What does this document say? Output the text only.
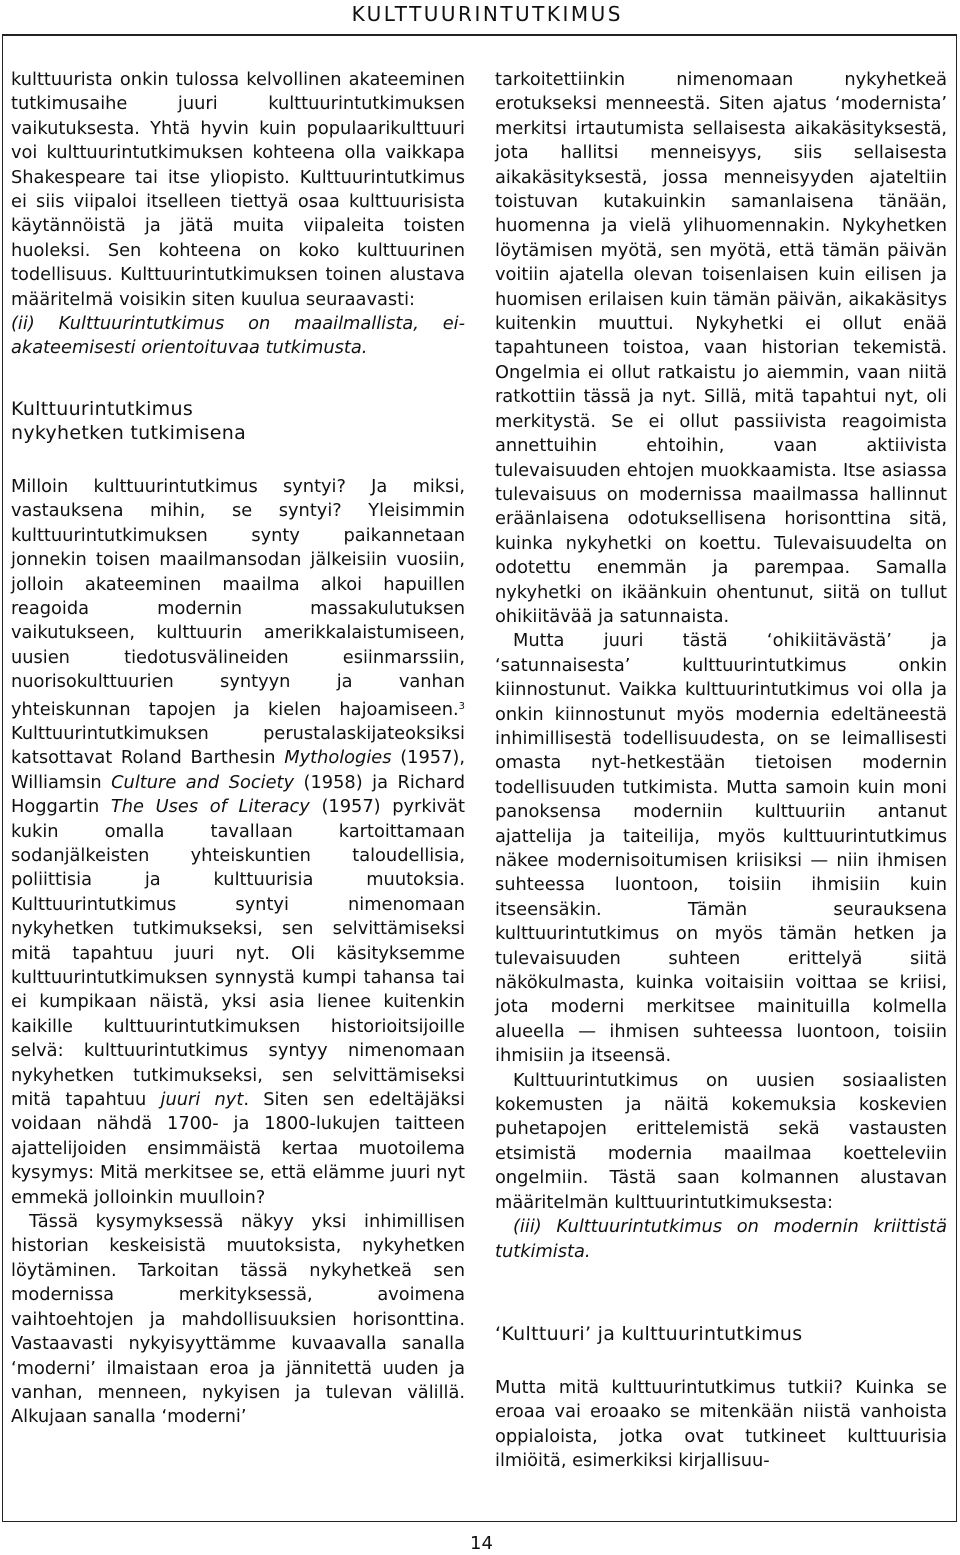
KULTTUURINTUTKIMUS

kulttuurista onkin tulossa kelvollinen akateeminen tutkimusaihe juuri kulttuurintutkimuksen vaikutuksesta. Yhtä hyvin kuin populaarikulttuuri voi kulttuurintutkimuksen kohteena olla vaikkapa Shakespeare tai itse yliopisto. Kulttuurintutkimus ei siis viipaloi itselleen tiettyä osaa kulttuurisista käytännöistä ja jätä muita viipaleita toisten huoleksi. Sen kohteena on koko kulttuurinen todellisuus. Kulttuurintutkimuksen toinen alustava määritelmä voisikin siten kuulua seuraavasti:

(ii) Kulttuurintutkimus on maailmallista, ei-akateemisesti orientoituvaa tutkimusta.

Kulttuurintutkimus
nykyhetken tutkimisena

Milloin kulttuurintutkimus syntyi? Ja miksi, vastauksena mihin, se syntyi? Yleisimmin kulttuurintutkimuksen synty paikannetaan jonnekin toisen maailmansodan jälkeisiin vuosiin, jolloin akateeminen maailma alkoi hapuillen reagoida modernin massakulutuksen vaikutukseen, kulttuurin amerikkalaistumiseen, uusien tiedotusvälineiden esiinmarssiin, nuorisokulttuurien syntyyn ja vanhan yhteiskunnan tapojen ja kielen hajoamiseen.$^3$ Kulttuurintutkimuksen perustalaskijateoksiksi katsottavat Roland Barthesin Mythologies (1957), Williamsin Culture and Society (1958) ja Richard Hoggartin The Uses of Literacy (1957) pyrkivät kukin omalla tavallaan kartoittamaan sodanjälkeisten yhteiskuntien taloudellisia, poliittisia ja kulttuurisia muutoksia. Kulttuurintutkimus syntyi nimenomaan nykyhetken tutkimukseksi, sen selvittämiseksi mitä tapahtuu juuri nyt. Oli käsityksemme kulttuurintutkimuksen synnystä kumpi tahansa tai ei kumpikaan näistä, yksi asia lienee kuitenkin kaikille kulttuurintutkimuksen historioitsijoille selvä: kulttuurintutkimus syntyy nimenomaan nykyhetken tutkimukseksi, sen selvittämiseksi mitä tapahtuu juuri nyt. Siten sen edeltäjäksi voidaan nähdä 1700- ja 1800-lukujen taitteen ajattelijoiden ensimmäistä kertaa muotoilema kysymys: Mitä merkitsee se, että elämme juuri nyt emmekä jolloinkin muulloin?

Tässä kysymyksessä näkyy yksi inhimillisen historian keskeisistä muutoksista, nykyhetken löytäminen. Tarkoitan tässä nykyhetkeä sen modernissa merkityksessä, avoimena vaihtoehtojen ja mahdollisuuksien horisonttina. Vastaavasti nykyisyyttämme kuvaavalla sanalla ‘moderni’ ilmaistaan eroa ja jännitettä uuden ja vanhan, menneen, nykyisen ja tulevan välillä. Alkujaan sanalla ‘moderni’

tarkoitettiinkin nimenomaan nykyhetkeä erotukseksi menneestä. Siten ajatus ‘modernista’ merkitsi irtautumista sellaisesta aikakäsityksestä, jota hallitsi menneisyys, siis sellaisesta aikakäsityksestä, jossa menneisyyden ajateltiin toistuvan kutakuinkin samanlaisena tänään, huomenna ja vielä ylihuomennakin. Nykyhetken löytämisen myötä, sen myötä, että tämän päivän voitiin ajatella olevan toisenlaisen kuin eilisen ja huomisen erilaisen kuin tämän päivän, aikakäsitys kuitenkin muuttui. Nykyhetki ei ollut enää tapahtuneen toistoa, vaan historian tekemistä. Ongelmia ei ollut ratkaistu jo aiemmin, vaan niitä ratkottiin tässä ja nyt. Sillä, mitä tapahtui nyt, oli merkitystä. Se ei ollut passiivista reagoimista annettuihin ehtoihin, vaan aktiivista tulevaisuuden ehtojen muokkaamista. Itse asiassa tulevaisuus on modernissa maailmassa hallinnut eräänlaisena odotuksellisena horisonttina sitä, kuinka nykyhetki on koettu. Tulevaisuudelta on odotettu enemmän ja parempaa. Samalla nykyhetki on ikäänkuin ohentunut, siitä on tullut ohikiitävää ja satunnaista.

Mutta juuri tästä ‘ohikiitävästä’ ja ‘satunnaisesta’ kulttuurintutkimus onkin kiinnostunut. Vaikka kulttuurintutkimus voi olla ja onkin kiinnostunut myös modernia edeltäneestä inhimillisestä todellisuudesta, on se leimallisesti omasta nyt-hetkestään tietoisen modernin todellisuuden tutkimista. Mutta samoin kuin moni panoksensa moderniin kulttuuriin antanut ajattelija ja taiteilija, myös kulttuurintutkimus näkee modernisoitumisen kriisiksi — niin ihmisen suhteessa luontoon, toisiin ihmisiin kuin itseensäkin. Tämän seurauksena kulttuurintutkimus on myös tämän hetken ja tulevaisuuden suhteen erittelyä siitä näkökulmasta, kuinka voitaisiin voittaa se kriisi, jota moderni merkitsee mainituilla kolmella alueella — ihmisen suhteessa luontoon, toisiin ihmisiin ja itseensä.

Kulttuurintutkimus on uusien sosiaalisten kokemusten ja näitä kokemuksia koskevien puhetapojen erittelemistä sekä vastausten etsimistä modernia maailmaa koetteleviin ongelmiin. Tästä saan kolmannen alustavan määritelmän kulttuurintutkimuksesta:

(iii) Kulttuurintutkimus on modernin kriittistä tutkimista.

‘Kulttuuri’ ja kulttuurintutkimus

Mutta mitä kulttuurintutkimus tutkii? Kuinka se eroaa vai eroaako se mitenkään niistä vanhoista oppialoista, jotka ovat tutkineet kulttuurisia ilmiöitä, esimerkiksi kirjallisuu-

14
